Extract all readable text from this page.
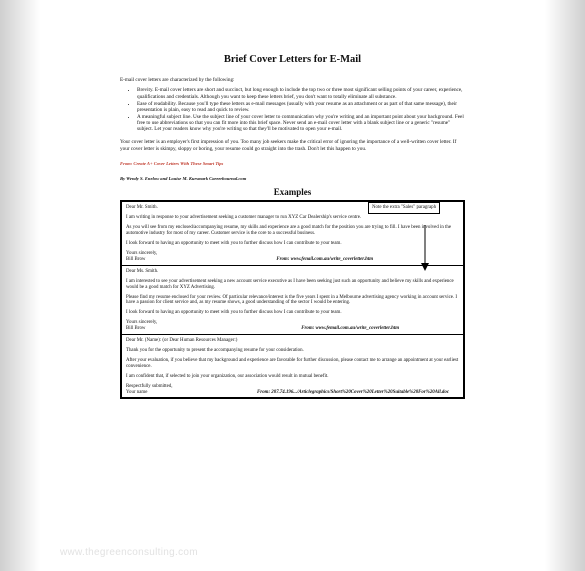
Brief Cover Letters for E-Mail

E-mail cover letters are characterized by the following:

• Brevity. E-mail cover letters are short and succinct, but long enough to include the top two or three most significant selling points of your career, experience, qualifications and credentials. Although you want to keep these letters brief, you don't want to totally eliminate all substance.
• Ease of readability. Because you'll type these letters as e-mail messages (usually with your resume as an attachment or as part of that same message), their presentation is plain, easy to read and quick to review.
• A meaningful subject line. Use the subject line of your cover letter to communication why you're writing and an important point about your background. Feel free to use abbreviations so that you can fit more into this brief space. Never send an e-mail cover letter with a blank subject line or a generic "resume" subject. Let your readers know why you're writing so that they'll be motivated to open your e-mail.

Your cover letter is an employer's first impression of you. Too many job seekers make the critical error of ignoring the importance of a well-written cover letter. If your cover letter is skimpy, sloppy or boring, your resume could go straight into the trash. Don't let this happen to you.

From: Create A+ Cover Letters With These Smart Tips
By Wendy S. Enelow and Louise M. Kursmark Careerbournal.com
Examples

Dear Mr. Smith.

I am writing in response to your advertisement seeking a customer manager to run XYZ Car Dealership's service centre.

As you will see from my enclosed/accompanying resume, my skills and experience are a good match for the position you are trying to fill. I have been involved in the automotive industry for most of my career. Customer service is the core to a successful business.

I look forward to having an opportunity to meet with you to further discuss how I can contribute to your team.

Yours sincerely,
Bill Brow	From: www.fenail.com.au/write_coverletter.htm

Dear Ms. Smith.

I am interested to see your advertisement seeking a new account service executive as I have been seeking just such an opportunity and believe my skills and experience would be a good match for XYZ Advertising.

Please find my resume enclosed for your review. Of particular relevance/interest is the five years I spent in a Melbourne advertising agency working in account service. I have a passion for client service and, as my resume shows, a good understanding of the sector I would be entering.

I look forward to having an opportunity to meet with you to further discuss how I can contribute to your team.

Yours sincerely,
Bill Brow	From: www.femail.com.au/write_coverletter.htm

Dear Mr. (Name): (or Dear Human Resources Manager:)

Thank you for the opportunity to present the accompanying resume for your consideration.

After your evaluation, if you believe that my background and experience are favorable for further discussion, please contact me to arrange an appointment at your earliest convenience.

I am confident that, if selected to join your organization, our association would result in mutual benefit.

Respectfully submitted,
Your name	From: 207.74.196.../Articlegraphics/Short%20Cover%20Letter%20Suitable%20For%20All.doc
Note the extra "Sales" paragraph
www.thegreenconsulting.com
